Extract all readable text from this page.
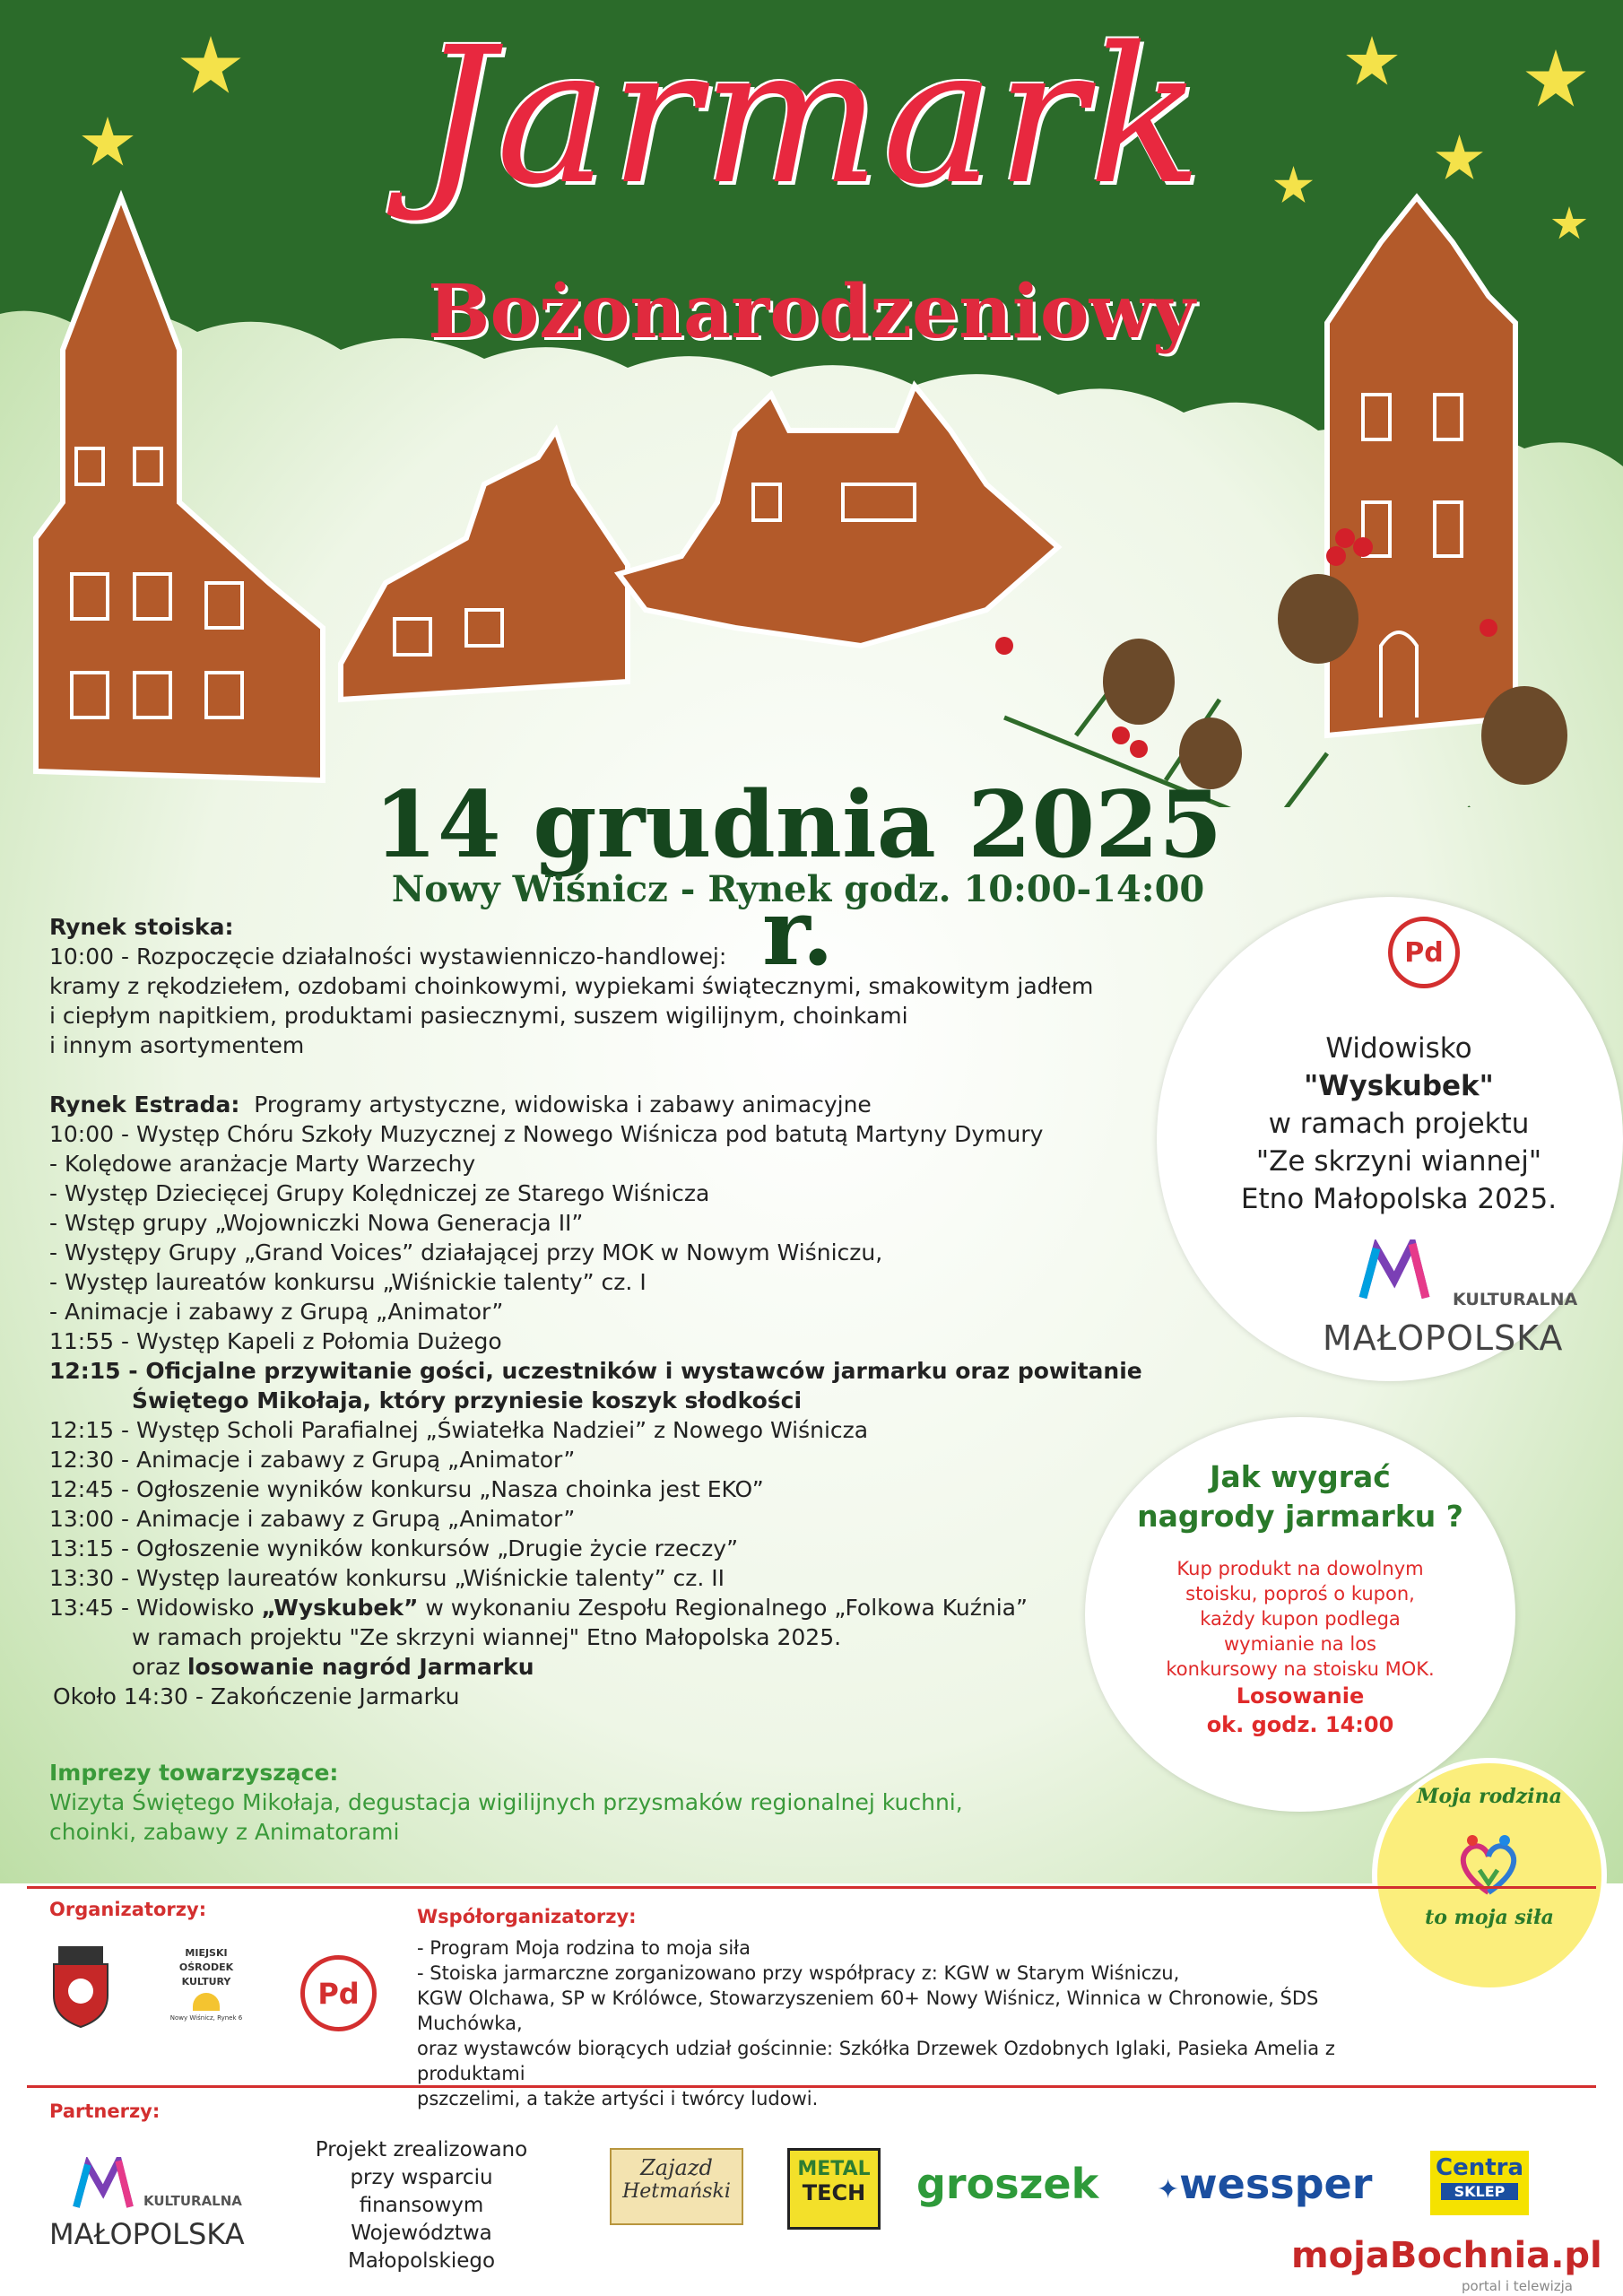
Jarmark
Bożonarodzeniowy
14 grudnia 2025 r.
Nowy Wiśnicz - Rynek godz. 10:00-14:00
Rynek stoiska:
10:00 - Rozpoczęcie działalności wystawienniczo-handlowej:
kramy z rękodziełem, ozdobami choinkowymi, wypiekami świątecznymi, smakowitym jadłem
i ciepłym napitkiem, produktami pasiecznymi, suszem wigilijnym, choinkami
i innym asortymentem
Rynek Estrada: Programy artystyczne, widowiska i zabawy animacyjne
10:00 - Występ Chóru Szkoły Muzycznej z Nowego Wiśnicza pod batutą Martyny Dymury
- Kolędowe aranżacje Marty Warzechy
- Występ Dziecięcej Grupy Kolędniczej ze Starego Wiśnicza
- Wstęp grupy „Wojowniczki Nowa Generacja II”
- Występy Grupy „Grand Voices” działającej przy MOK w Nowym Wiśniczu,
- Występ laureatów konkursu „Wiśnickie talenty” cz. I
- Animacje i zabawy z Grupą „Animator”
11:55 - Występ Kapeli z Połomia Dużego
12:15 - Oficjalne przywitanie gości, uczestników i wystawców jarmarku oraz powitanie
Świętego Mikołaja, który przyniesie koszyk słodkości
12:15 - Występ Scholi Parafialnej „Światełka Nadziei” z Nowego Wiśnicza
12:30 - Animacje i zabawy z Grupą „Animator”
12:45 - Ogłoszenie wyników konkursu „Nasza choinka jest EKO”
13:00 - Animacje i zabawy z Grupą „Animator”
13:15 - Ogłoszenie wyników konkursów „Drugie życie rzeczy”
13:30 - Występ laureatów konkursu „Wiśnickie talenty” cz. II
13:45 - Widowisko „Wyskubek” w wykonaniu Zespołu Regionalnego „Folkowa Kuźnia”
w ramach projektu "Ze skrzyni wiannej" Etno Małopolska 2025.
oraz losowanie nagród Jarmarku
Około 14:30 - Zakończenie Jarmarku
Imprezy towarzyszące:
Wizyta Świętego Mikołaja, degustacja wigilijnych przysmaków regionalnej kuchni,
choinki, zabawy z Animatorami
Pd
Widowisko
"Wyskubek"
w ramach projektu
"Ze skrzyni wiannej"
Etno Małopolska 2025.
KULTURALNA
MAŁOPOLSKA
Jak wygrać
nagrody jarmarku ?
Kup produkt na dowolnym
stoisku, poproś o kupon,
każdy kupon podlega
wymianie na los
konkursowy na stoisku MOK.
Losowanie
ok. godz. 14:00
Moja rodzina
to moja siła
Organizatorzy:
MIEJSKI
OŚRODEK
KULTURY
Nowy Wiśnicz, Rynek 6
Pd
Współorganizatorzy:
- Program Moja rodzina to moja siła
- Stoiska jarmarczne zorganizowano przy współpracy z: KGW w Starym Wiśniczu,
KGW Olchawa, SP w Królówce, Stowarzyszeniem 60+ Nowy Wiśnicz, Winnica w Chronowie, ŚDS Muchówka,
oraz wystawców biorących udział gościnnie: Szkółka Drzewek Ozdobnych Iglaki, Pasieka Amelia z produktami
pszczelimi, a także artyści i twórcy ludowi.
Partnerzy:
KULTURALNA
MAŁOPOLSKA
Projekt zrealizowano
przy wsparciu finansowym
Województwa
Małopolskiego
Zajazd
Hetmański
METAL
TECH groszek ✦wessper	Centra
SKLEP
mojaBochnia.pl
portal i telewizja
